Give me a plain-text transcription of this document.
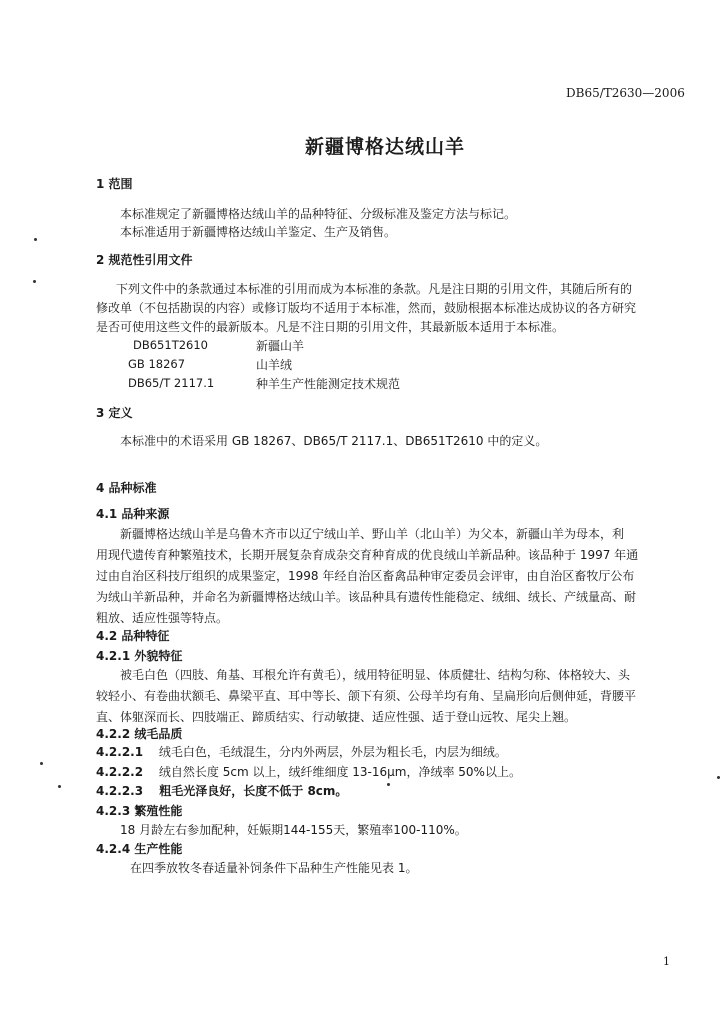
DB65/T2630—2006
新疆博格达绒山羊
1 范围
本标准规定了新疆博格达绒山羊的品种特征、分级标准及鉴定方法与标记。
本标准适用于新疆博格达绒山羊鉴定、生产及销售。
2 规范性引用文件
下列文件中的条款通过本标准的引用而成为本标准的条款。凡是注日期的引用文件，其随后所有的
修改单（不包括勘误的内容）或修订版均不适用于本标准，然而，鼓励根据本标准达成协议的各方研究
是否可使用这些文件的最新版本。凡是不注日期的引用文件，其最新版本适用于本标准。
DB651T2610	新疆山羊
GB 18267	山羊绒
DB65/T 2117.1	种羊生产性能测定技术规范
3 定义
本标准中的术语采用 GB 18267、DB65/T 2117.1、DB651T2610 中的定义。
4 品种标准
4.1 品种来源
新疆博格达绒山羊是乌鲁木齐市以辽宁绒山羊、野山羊（北山羊）为父本，新疆山羊为母本，利
用现代遗传育种繁殖技术，长期开展复杂育成杂交育种育成的优良绒山羊新品种。该品种于 1997 年通
过由自治区科技厅组织的成果鉴定，1998 年经自治区畜禽品种审定委员会评审，由自治区畜牧厅公布
为绒山羊新品种，并命名为新疆博格达绒山羊。该品种具有遗传性能稳定、绒细、绒长、产绒量高、耐
粗放、适应性强等特点。
4.2 品种特征
4.2.1 外貌特征
被毛白色（四肢、角基、耳根允许有黄毛），绒用特征明显、体质健壮、结构匀称、体格较大、头
较轻小、有卷曲状额毛、鼻梁平直、耳中等长、颌下有须、公母羊均有角、呈扁形向后侧伸延，背腰平
直、体躯深而长、四肢端正、蹄质结实、行动敏捷、适应性强、适于登山远牧、尾尖上翘。
4.2.2 绒毛品质
4.2.2.1 绒毛白色，毛绒混生，分内外两层，外层为粗长毛，内层为细绒。
4.2.2.2 绒自然长度 5cm 以上，绒纤维细度 13-16μm，净绒率 50%以上。
4.2.2.3 粗毛光泽良好，长度不低于 8cm。
4.2.3 繁殖性能
18 月龄左右参加配种，妊娠期144-155天，繁殖率100-110%。
4.2.4 生产性能
在四季放牧冬春适量补饲条件下品种生产性能见表 1。
1
